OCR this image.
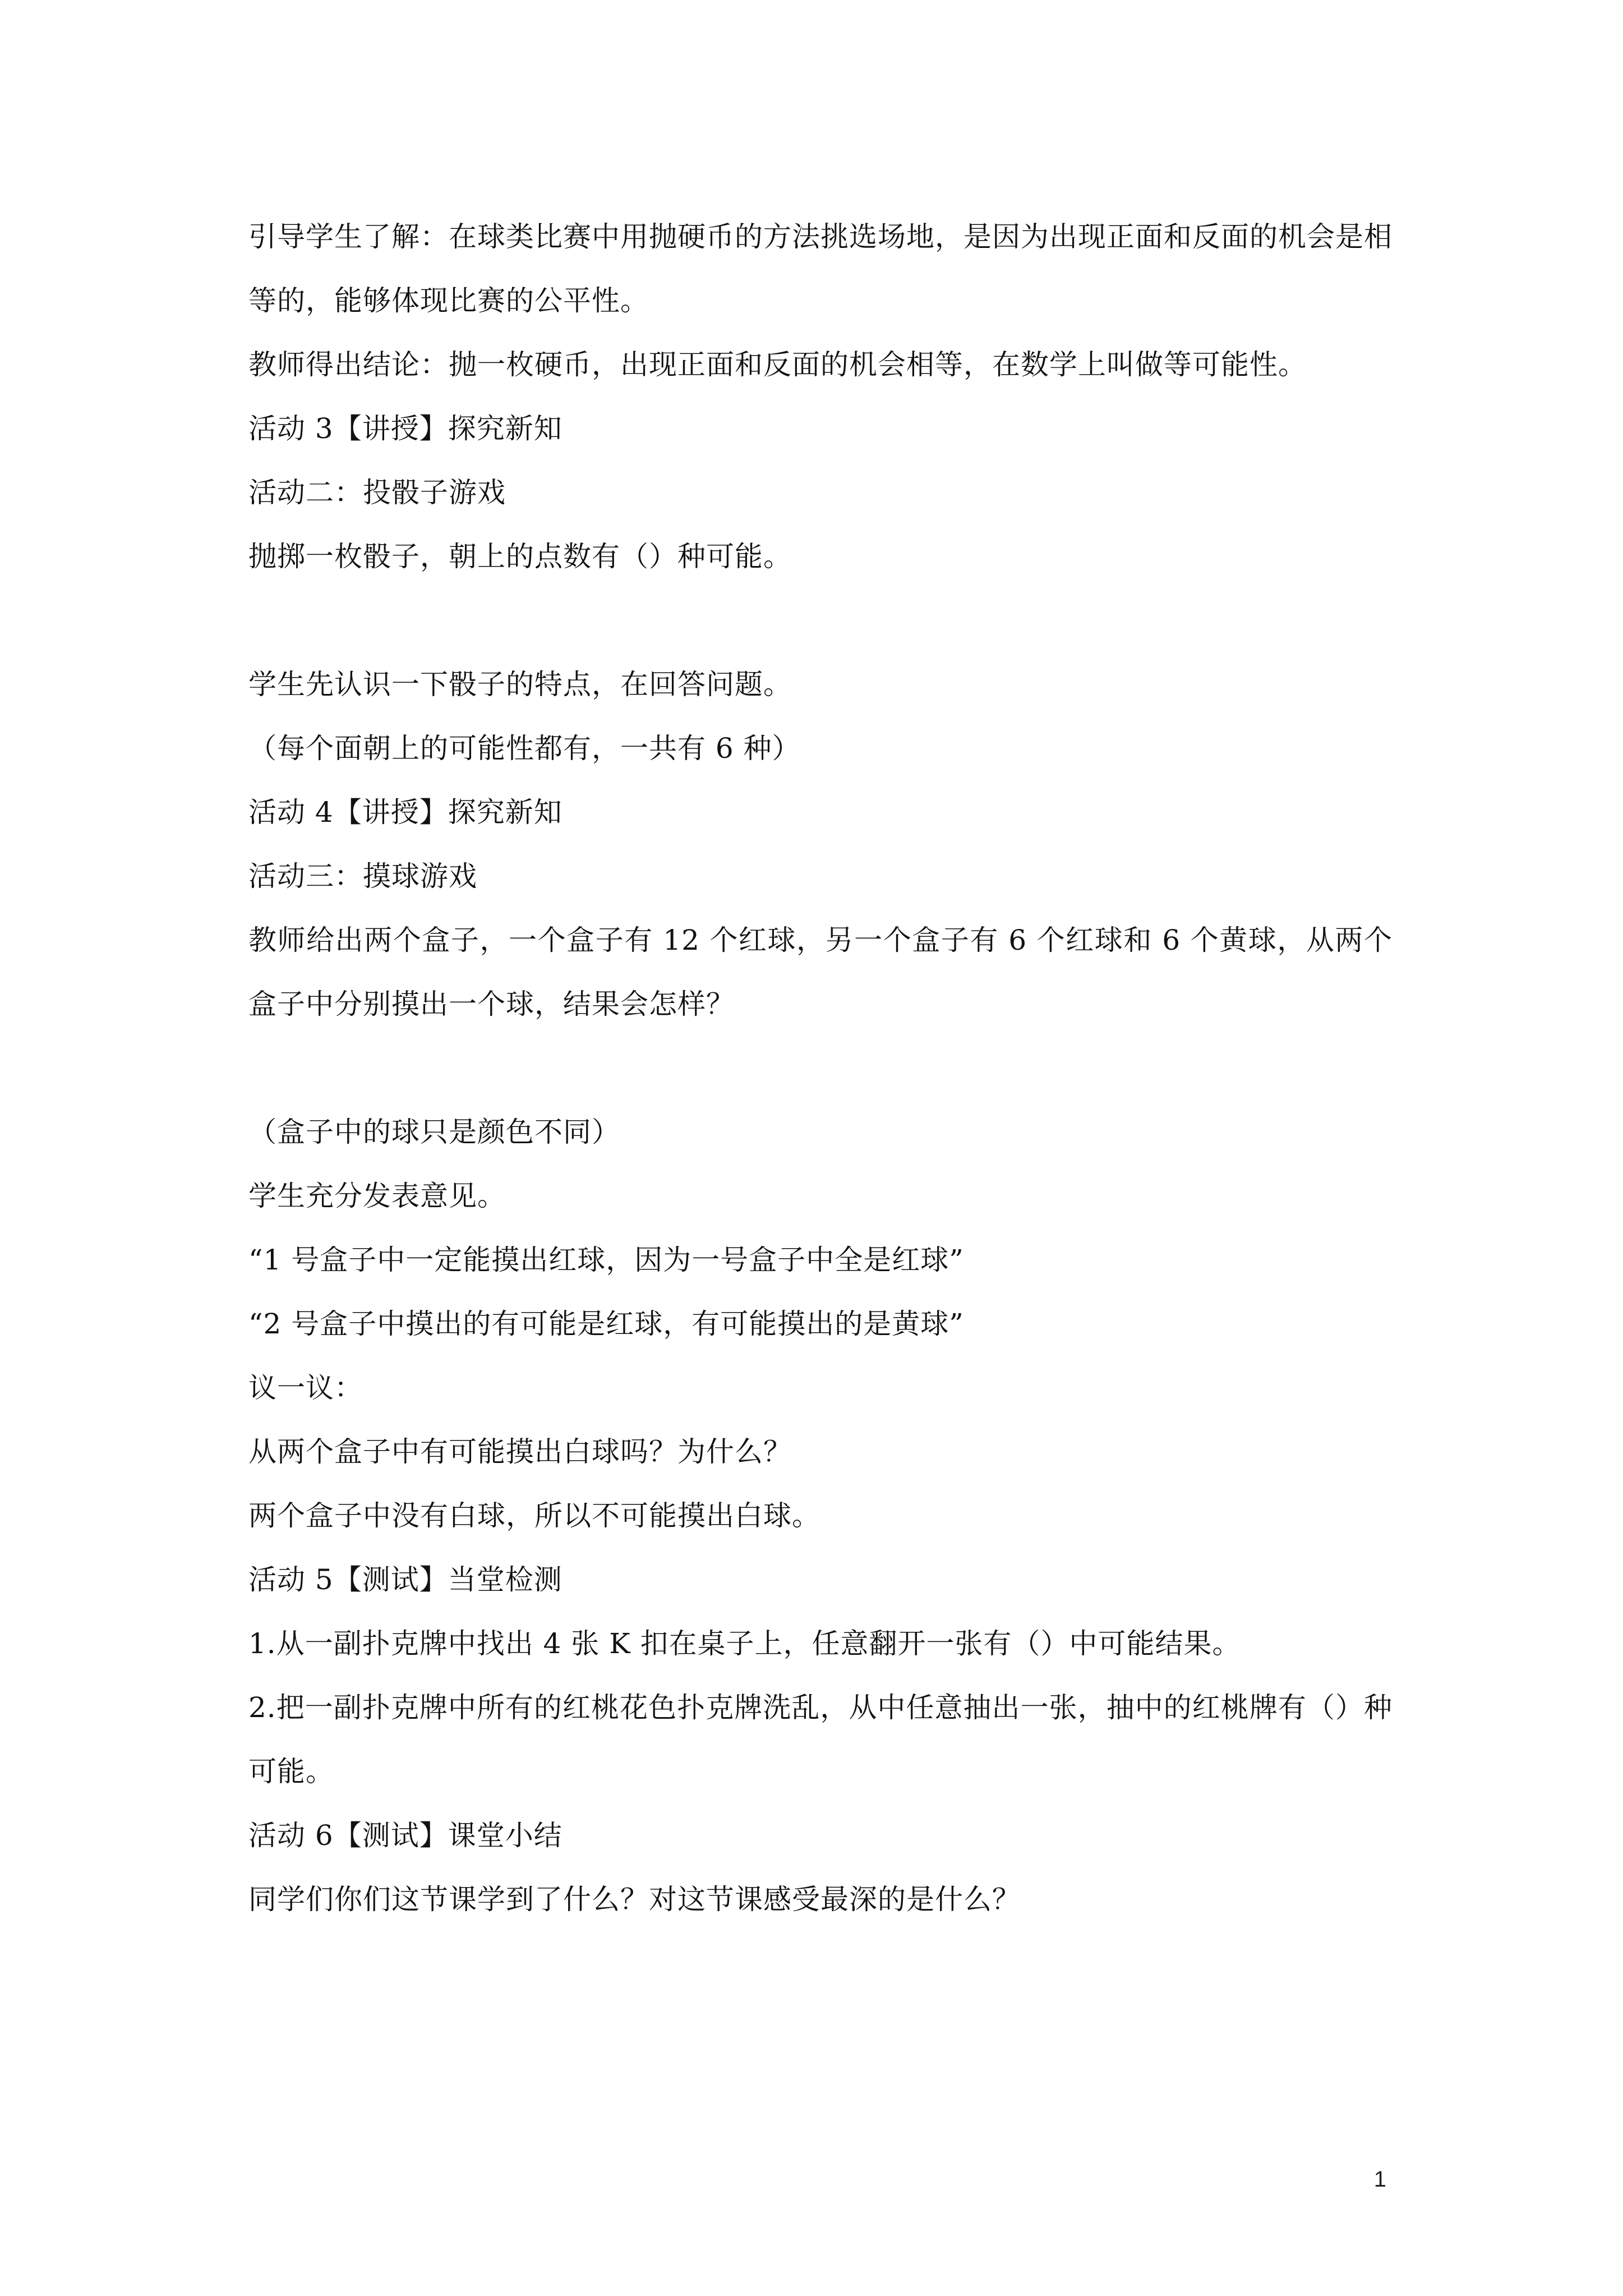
引导学生了解：在球类比赛中用抛硬币的方法挑选场地，是因为出现正面和反面的机会是相等的，能够体现比赛的公平性。

教师得出结论：抛一枚硬币，出现正面和反面的机会相等，在数学上叫做等可能性。

活动 3【讲授】探究新知

活动二：投骰子游戏

抛掷一枚骰子，朝上的点数有（）种可能。

学生先认识一下骰子的特点，在回答问题。

（每个面朝上的可能性都有，一共有 6 种）

活动 4【讲授】探究新知

活动三：摸球游戏

教师给出两个盒子，一个盒子有 12 个红球，另一个盒子有 6 个红球和 6 个黄球，从两个盒子中分别摸出一个球，结果会怎样？

（盒子中的球只是颜色不同）

学生充分发表意见。

“1 号盒子中一定能摸出红球，因为一号盒子中全是红球”

“2 号盒子中摸出的有可能是红球，有可能摸出的是黄球”

议一议：

从两个盒子中有可能摸出白球吗？为什么？

两个盒子中没有白球，所以不可能摸出白球。

活动 5【测试】当堂检测

1.从一副扑克牌中找出 4 张 K 扣在桌子上，任意翻开一张有（）中可能结果。

2.把一副扑克牌中所有的红桃花色扑克牌洗乱，从中任意抽出一张，抽中的红桃牌有（）种可能。

活动 6【测试】课堂小结

同学们你们这节课学到了什么？对这节课感受最深的是什么？

1
